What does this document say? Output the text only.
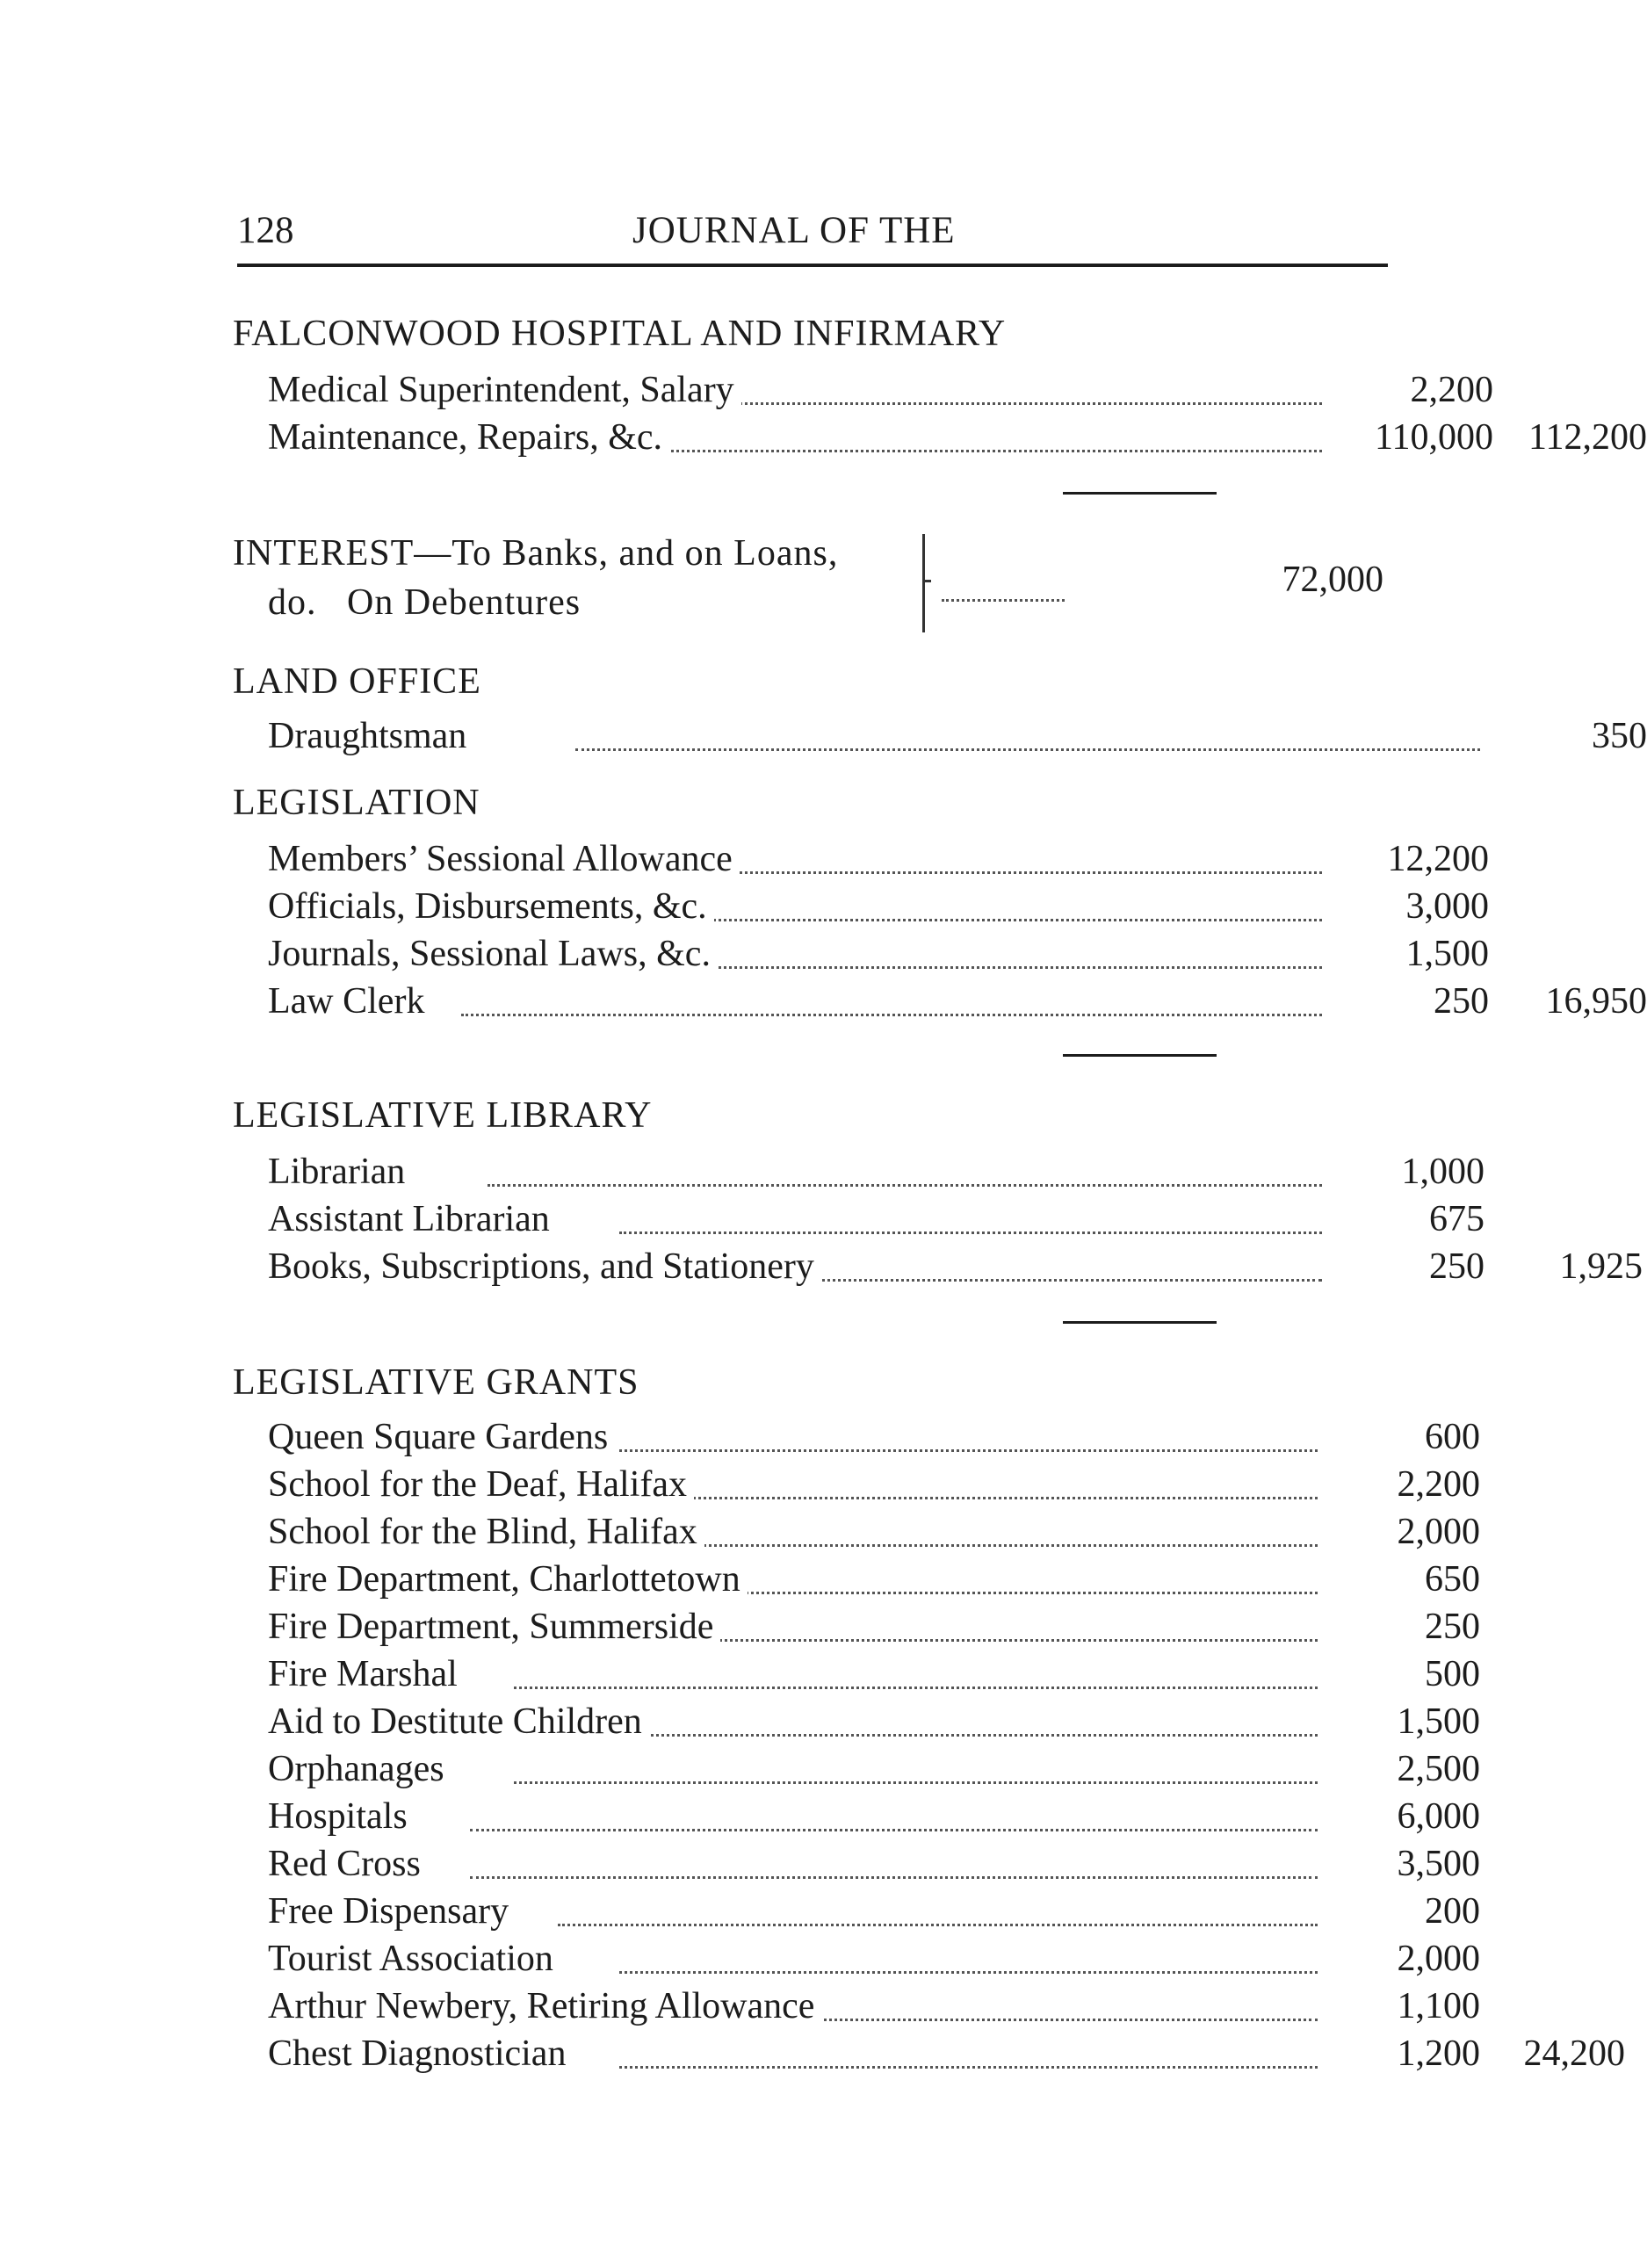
128	JOURNAL OF THE
FALCONWOOD HOSPITAL AND INFIRMARY
Medical Superintendent, Salary	2,200
Maintenance, Repairs, &c.	110,000 112,200
INTEREST—To Banks, and on Loans,
do. On Debentures
72,000
LAND OFFICE
Draughtsman	350
LEGISLATION
Members’ Sessional Allowance	12,200
Officials, Disbursements, &c.	3,000
Journals, Sessional Laws, &c.	1,500
Law Clerk	250	16,950
LEGISLATIVE LIBRARY
Librarian	1,000
Assistant Librarian	675
Books, Subscriptions, and Stationery	250	1,925
LEGISLATIVE GRANTS
Queen Square Gardens	600
School for the Deaf, Halifax	2,200
School for the Blind, Halifax	2,000
Fire Department, Charlottetown	650
Fire Department, Summerside	250
Fire Marshal	500
Aid to Destitute Children	1,500
Orphanages	2,500
Hospitals	6,000
Red Cross	3,500
Free Dispensary	200
Tourist Association	2,000
Arthur Newbery, Retiring Allowance	1,100
Chest Diagnostician	1,200	24,200
